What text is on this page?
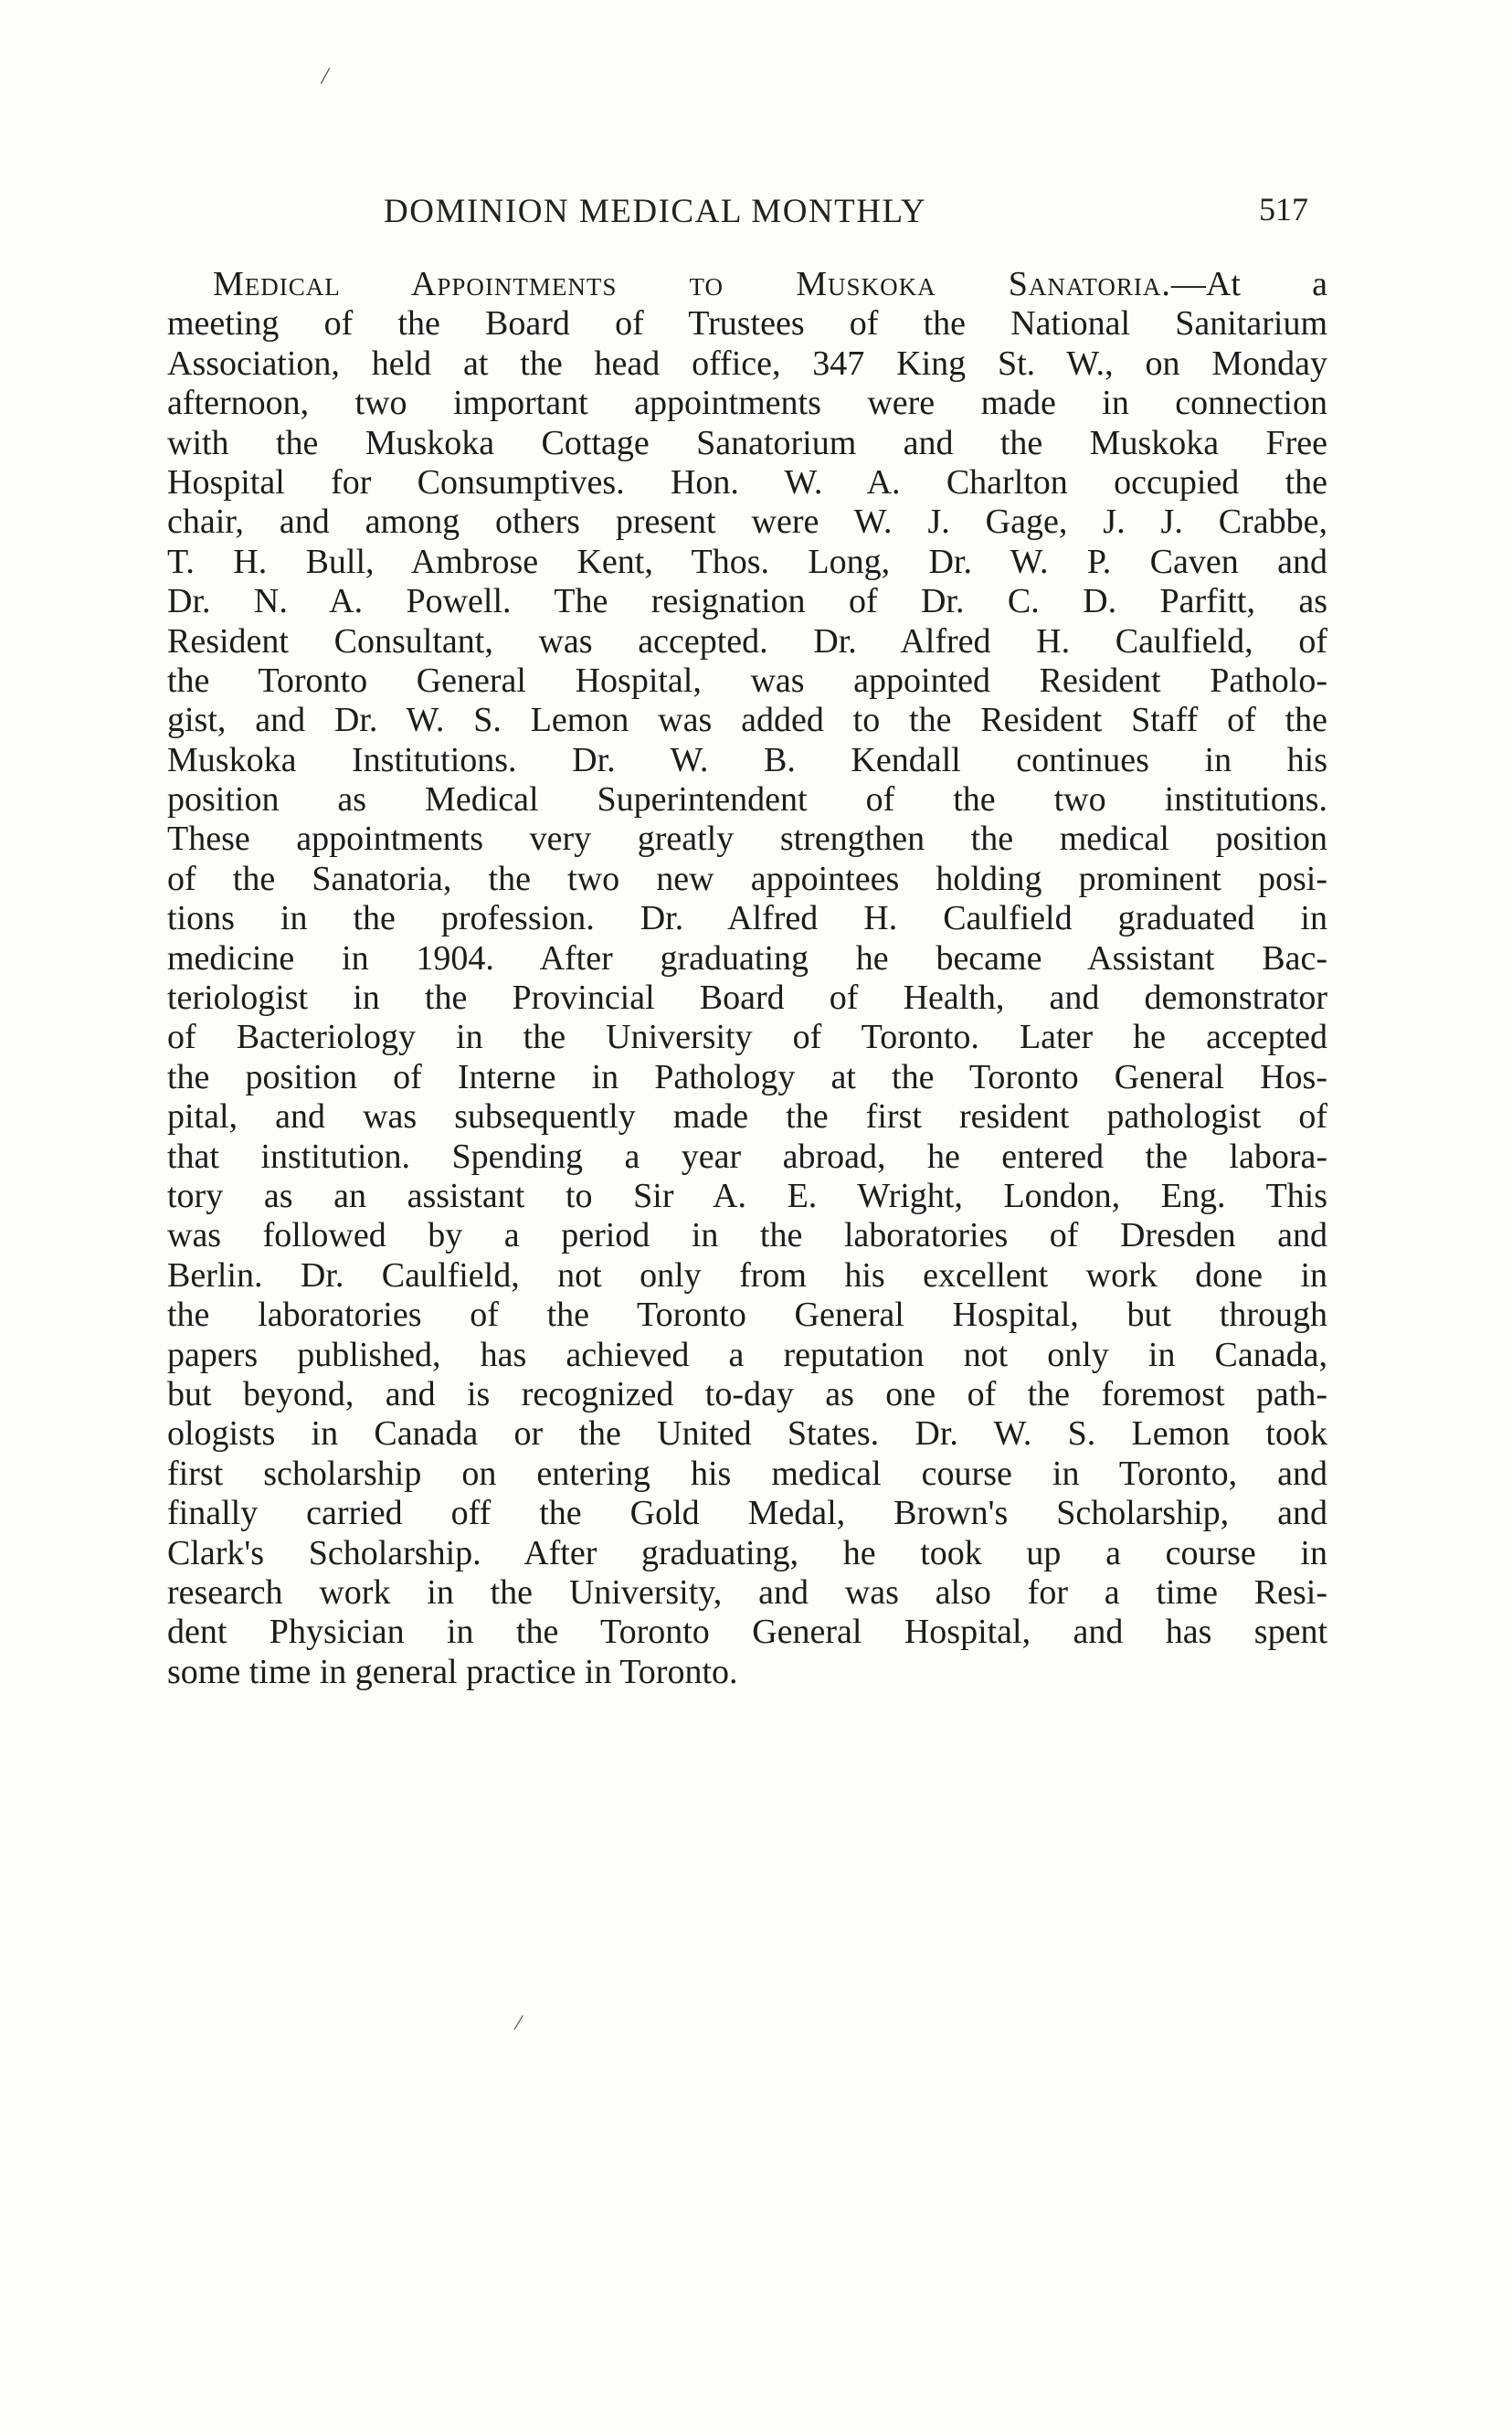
/
DOMINION MEDICAL MONTHLY	517
Medical Appointments to Muskoka Sanatoria.—At a
meeting of the Board of Trustees of the National Sanitarium
Association, held at the head office, 347 King St. W., on Monday
afternoon, two important appointments were made in connection
with the Muskoka Cottage Sanatorium and the Muskoka Free
Hospital for Consumptives. Hon. W. A. Charlton occupied the
chair, and among others present were W. J. Gage, J. J. Crabbe,
T. H. Bull, Ambrose Kent, Thos. Long, Dr. W. P. Caven and
Dr. N. A. Powell. The resignation of Dr. C. D. Parfitt, as
Resident Consultant, was accepted. Dr. Alfred H. Caulfield, of
the Toronto General Hospital, was appointed Resident Patholo-
gist, and Dr. W. S. Lemon was added to the Resident Staff of the
Muskoka Institutions. Dr. W. B. Kendall continues in his
position as Medical Superintendent of the two institutions.
These appointments very greatly strengthen the medical position
of the Sanatoria, the two new appointees holding prominent posi-
tions in the profession. Dr. Alfred H. Caulfield graduated in
medicine in 1904. After graduating he became Assistant Bac-
teriologist in the Provincial Board of Health, and demonstrator
of Bacteriology in the University of Toronto. Later he accepted
the position of Interne in Pathology at the Toronto General Hos-
pital, and was subsequently made the first resident pathologist of
that institution. Spending a year abroad, he entered the labora-
tory as an assistant to Sir A. E. Wright, London, Eng. This
was followed by a period in the laboratories of Dresden and
Berlin. Dr. Caulfield, not only from his excellent work done in
the laboratories of the Toronto General Hospital, but through
papers published, has achieved a reputation not only in Canada,
but beyond, and is recognized to-day as one of the foremost path-
ologists in Canada or the United States. Dr. W. S. Lemon took
first scholarship on entering his medical course in Toronto, and
finally carried off the Gold Medal, Brown's Scholarship, and
Clark's Scholarship. After graduating, he took up a course in
research work in the University, and was also for a time Resi-
dent Physician in the Toronto General Hospital, and has spent
some time in general practice in Toronto.
/
